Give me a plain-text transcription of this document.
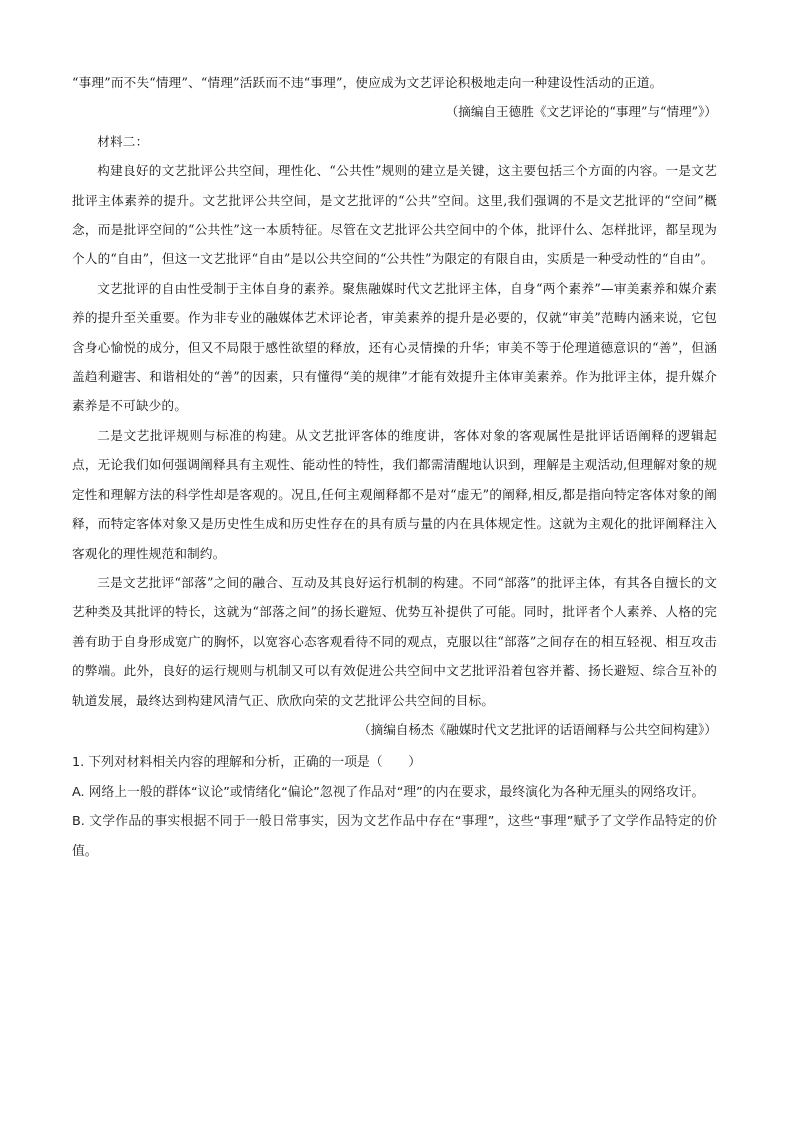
“事理”而不失“情理”、“情理”活跃而不违“事理”，使应成为文艺评论积极地走向一种建设性活动的正道。

（摘编自王德胜《文艺评论的“事理”与“情理”》）

材料二：

构建良好的文艺批评公共空间，理性化、“公共性”规则的建立是关键，这主要包括三个方面的内容。一是文艺批评主体素养的提升。文艺批评公共空间，是文艺批评的“公共”空间。这里,我们强调的不是文艺批评的“空间”概念，而是批评空间的“公共性”这一本质特征。尽管在文艺批评公共空间中的个体，批评什么、怎样批评，都呈现为个人的“自由”，但这一文艺批评“自由”是以公共空间的“公共性”为限定的有限自由，实质是一种受动性的“自由”。

文艺批评的自由性受制于主体自身的素养。聚焦融媒时代文艺批评主体，自身“两个素养”—审美素养和媒介素养的提升至关重要。作为非专业的融媒体艺术评论者，审美素养的提升是必要的，仅就“审美”范畴内涵来说，它包含身心愉悦的成分，但又不局限于感性欲望的释放，还有心灵情操的升华；审美不等于伦理道德意识的“善”，但涵盖趋利避害、和谐相处的“善”的因素，只有懂得“美的规律”才能有效提升主体审美素养。作为批评主体，提升媒介素养是不可缺少的。

二是文艺批评规则与标准的构建。从文艺批评客体的维度讲，客体对象的客观属性是批评话语阐释的逻辑起点，无论我们如何强调阐释具有主观性、能动性的特性，我们都需清醒地认识到，理解是主观活动,但理解对象的规定性和理解方法的科学性却是客观的。况且,任何主观阐释都不是对“虚无”的阐释,相反,都是指向特定客体对象的阐释，而特定客体对象又是历史性生成和历史性存在的具有质与量的内在具体规定性。这就为主观化的批评阐释注入客观化的理性规范和制约。

三是文艺批评“部落”之间的融合、互动及其良好运行机制的构建。不同“部落”的批评主体，有其各自擅长的文艺种类及其批评的特长，这就为“部落之间”的扬长避短、优势互补提供了可能。同时，批评者个人素养、人格的完善有助于自身形成宽广的胸怀，以宽容心态客观看待不同的观点，克服以往“部落”之间存在的相互轻视、相互攻击的弊端。此外，良好的运行规则与机制又可以有效促进公共空间中文艺批评沿着包容并蓄、扬长避短、综合互补的轨道发展，最终达到构建风清气正、欣欣向荣的文艺批评公共空间的目标。

（摘编自杨杰《融媒时代文艺批评的话语阐释与公共空间构建》）

1. 下列对材料相关内容的理解和分析，正确的一项是（　　）

A. 网络上一般的群体“议论”或情绪化“偏论”忽视了作品对“理”的内在要求，最终演化为各种无厘头的网络攻讦。

B. 文学作品的事实根据不同于一般日常事实，因为文艺作品中存在“事理”，这些“事理”赋予了文学作品特定的价值。
